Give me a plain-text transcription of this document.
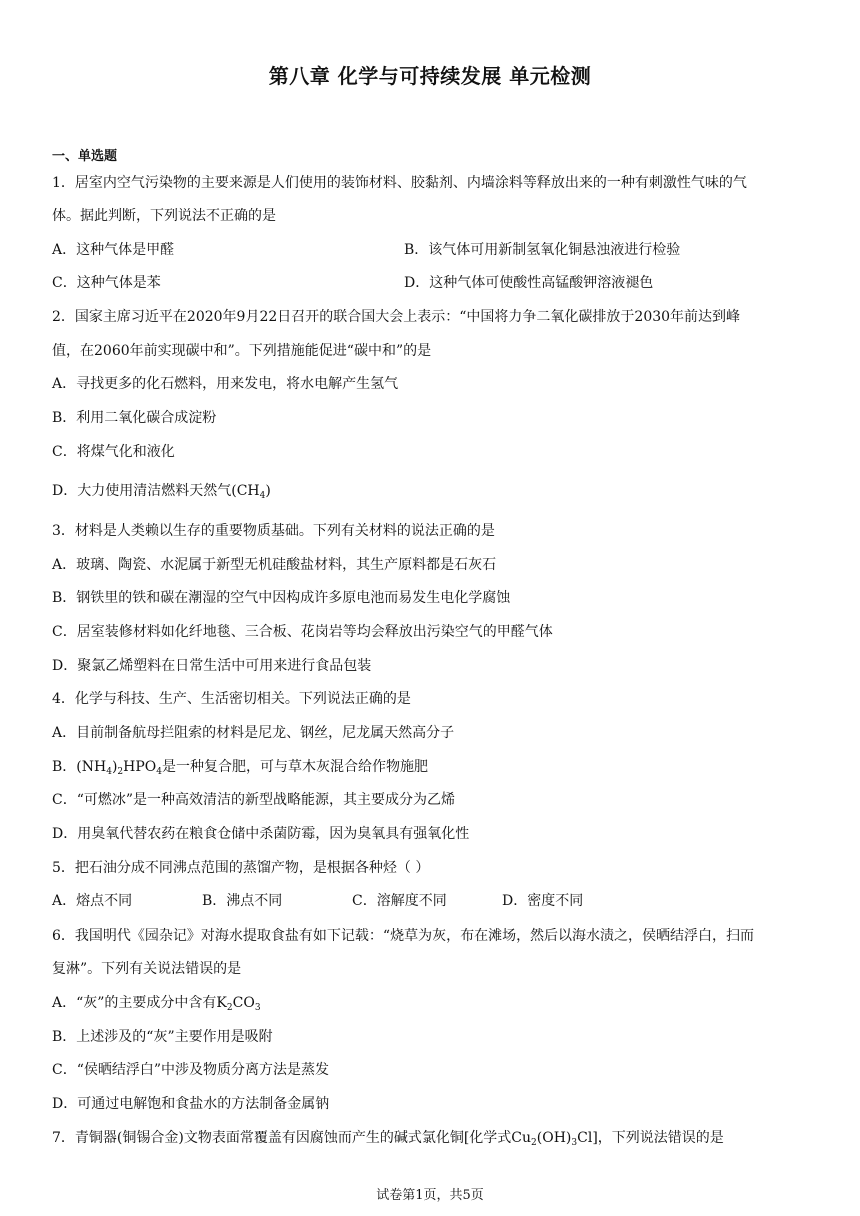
第八章 化学与可持续发展 单元检测
一、单选题
1．居室内空气污染物的主要来源是人们使用的装饰材料、胶黏剂、内墙涂料等释放出来的一种有刺激性气味的气
体。据此判断，下列说法不正确的是
A．这种气体是甲醛	B．该气体可用新制氢氧化铜悬浊液进行检验
C．这种气体是苯	D．这种气体可使酸性高锰酸钾溶液褪色
2．国家主席习近平在2020年9月22日召开的联合国大会上表示：“中国将力争二氧化碳排放于2030年前达到峰
值，在2060年前实现碳中和”。下列措施能促进“碳中和”的是
A．寻找更多的化石燃料，用来发电，将水电解产生氢气
B．利用二氧化碳合成淀粉
C．将煤气化和液化
D．大力使用清洁燃料天然气$(CH_4)$
3．材料是人类赖以生存的重要物质基础。下列有关材料的说法正确的是
A．玻璃、陶瓷、水泥属于新型无机硅酸盐材料，其生产原料都是石灰石
B．钢铁里的铁和碳在潮湿的空气中因构成许多原电池而易发生电化学腐蚀
C．居室装修材料如化纤地毯、三合板、花岗岩等均会释放出污染空气的甲醛气体
D．聚氯乙烯塑料在日常生活中可用来进行食品包装
4．化学与科技、生产、生活密切相关。下列说法正确的是
A．目前制备航母拦阻索的材料是尼龙、钢丝，尼龙属天然高分子
B．$(NH_4)_2HPO_4$是一种复合肥，可与草木灰混合给作物施肥
C．“可燃冰”是一种高效清洁的新型战略能源，其主要成分为乙烯
D．用臭氧代替农药在粮食仓储中杀菌防霉，因为臭氧具有强氧化性
5．把石油分成不同沸点范围的蒸馏产物，是根据各种烃（ ）
A．熔点不同	B．沸点不同	C．溶解度不同	D．密度不同
6．我国明代《园杂记》对海水提取食盐有如下记载：“烧草为灰，布在滩场，然后以海水渍之，侯晒结浮白，扫而
复淋”。下列有关说法错误的是
A．“灰”的主要成分中含有$K_2CO_3$
B．上述涉及的“灰”主要作用是吸附
C．“侯晒结浮白”中涉及物质分离方法是蒸发
D．可通过电解饱和食盐水的方法制备金属钠
7．青铜器(铜锡合金)文物表面常覆盖有因腐蚀而产生的碱式氯化铜[化学式$Cu_2(OH)_3Cl$]，下列说法错误的是
试卷第1页，共5页
